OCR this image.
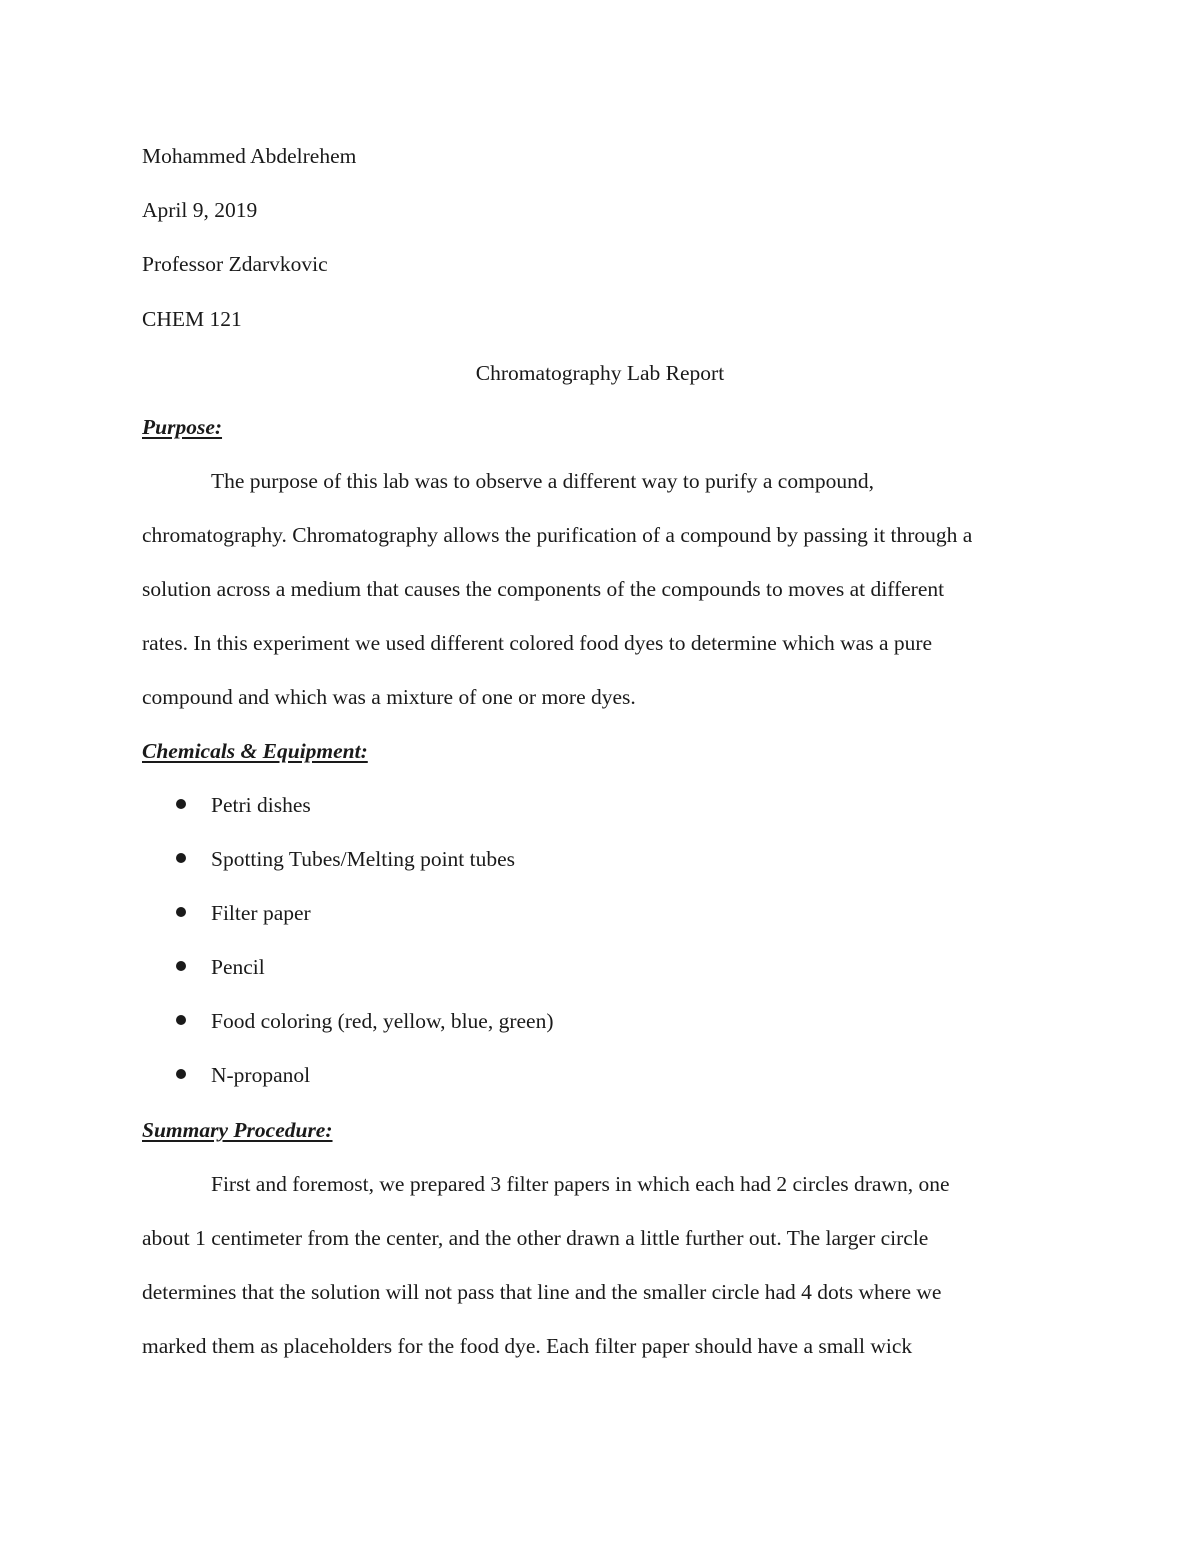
Mohammed Abdelrehem
April 9, 2019
Professor Zdarvkovic
CHEM 121
Chromatography Lab Report
Purpose:
The purpose of this lab was to observe a different way to purify a compound,
chromatography. Chromatography allows the purification of a compound by passing it through a
solution across a medium that causes the components of the compounds to moves at different
rates. In this experiment we used different colored food dyes to determine which was a pure
compound and which was a mixture of one or more dyes.
Chemicals & Equipment:
Petri dishes
Spotting Tubes/Melting point tubes
Filter paper
Pencil
Food coloring (red, yellow, blue, green)
N-propanol
Summary Procedure:
First and foremost, we prepared 3 filter papers in which each had 2 circles drawn, one
about 1 centimeter from the center, and the other drawn a little further out. The larger circle
determines that the solution will not pass that line and the smaller circle had 4 dots where we
marked them as placeholders for the food dye. Each filter paper should have a small wick
